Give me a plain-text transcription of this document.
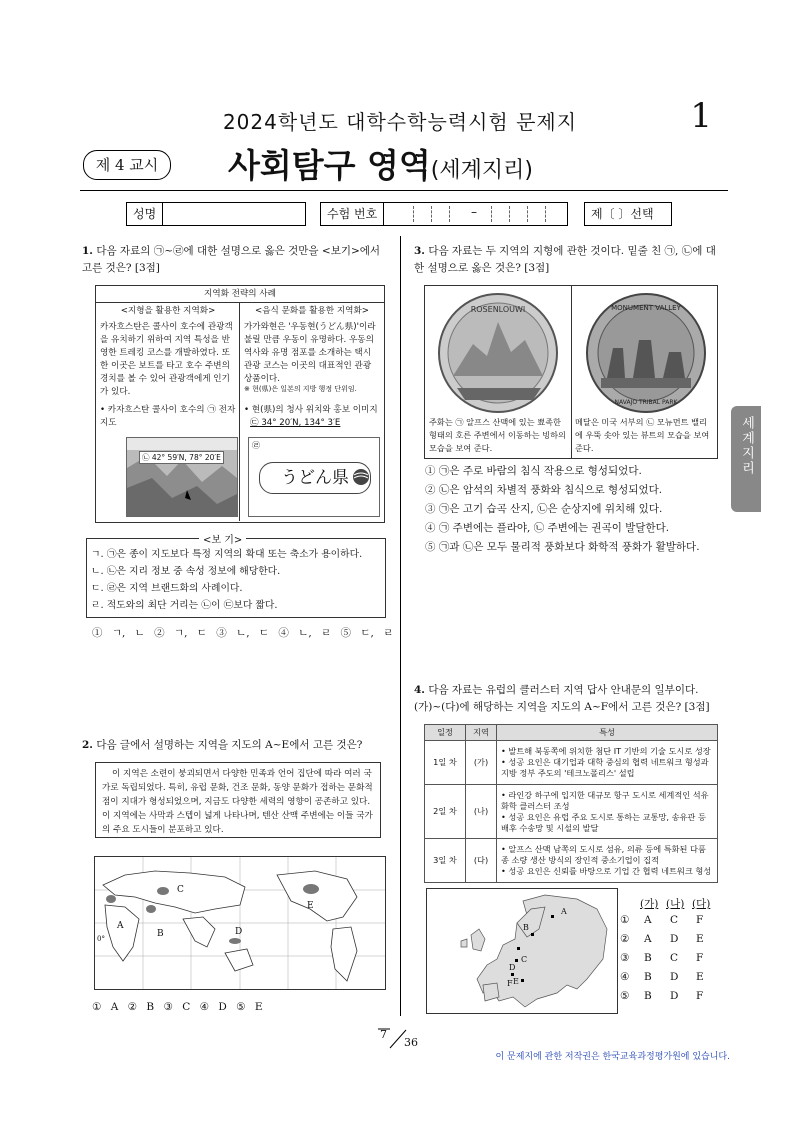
2024학년도 대학수학능력시험 문제지	1
제 4 교시	사회탐구 영역(세계지리)
성명	수험 번호	–	제〔 〕선택
세계지리
1. 다음 자료의 ㉠~㉣에 대한 설명으로 옳은 것만을 <보기>에서 고른 것은? [3점]
지역화 전략의 사례
<지형을 활용한 지역화>
카자흐스탄은 콜사이 호수에 관광객을 유치하기 위하여 지역 특성을 반영한 트레킹 코스를 개발하였다. 또한 이곳은 보트를 타고 호수 주변의 경치를 볼 수 있어 관광객에게 인기가 있다.
• 카자흐스탄 콜사이 호수의 ㉠ 전자 지도
㉡ 42° 59′N, 78° 20′E
<음식 문화를 활용한 지역화>
가가와현은 '우동현(うどん県)'이라 불릴 만큼 우동이 유명하다. 우동의 역사와 유명 점포를 소개하는 택시 관광 코스는 이곳의 대표적인 관광 상품이다.
※ 현(県)은 일본의 지방 행정 단위임.
• 현(県)의 청사 위치와 홍보 이미지
㉢ 34° 20′N, 134° 3′E
㉣
うどん県
<보 기>
ㄱ. ㉠은 종이 지도보다 특정 지역의 확대 또는 축소가 용이하다.
ㄴ. ㉡은 지리 정보 중 속성 정보에 해당한다.
ㄷ. ㉣은 지역 브랜드화의 사례이다.
ㄹ. 적도와의 최단 거리는 ㉡이 ㉢보다 짧다.
① ㄱ, ㄴ ② ㄱ, ㄷ ③ ㄴ, ㄷ ④ ㄴ, ㄹ ⑤ ㄷ, ㄹ
2. 다음 글에서 설명하는 지역을 지도의 A~E에서 고른 것은?
이 지역은 소련이 붕괴되면서 다양한 민족과 언어 집단에 따라 여러 국가로 독립되었다. 특히, 유럽 문화, 건조 문화, 동양 문화가 접하는 문화적 점이 지대가 형성되었으며, 지금도 다양한 세력의 영향이 공존하고 있다. 이 지역에는 사막과 스텝이 넓게 나타나며, 텐산 산맥 주변에는 이들 국가의 주요 도시들이 분포하고 있다.
A
B
C
D
E
0°
① A ② B ③ C ④ D ⑤ E
3. 다음 자료는 두 지역의 지형에 관한 것이다. 밑줄 친 ㉠, ㉡에 대한 설명으로 옳은 것은? [3점]
ROSENLOUWI	MONUMENT VALLEY
NAVAJO TRIBAL PARK
주화는 ㉠ 알프스 산맥에 있는 뾰족한 형태의 호른 주변에서 이동하는 빙하의 모습을 보여 준다.
메달은 미국 서부의 ㉡ 모뉴먼트 밸리에 우뚝 솟아 있는 뷰트의 모습을 보여 준다.
① ㉠은 주로 바람의 침식 작용으로 형성되었다.
② ㉡은 암석의 차별적 풍화와 침식으로 형성되었다.
③ ㉠은 고기 습곡 산지, ㉡은 순상지에 위치해 있다.
④ ㉠ 주변에는 플라야, ㉡ 주변에는 권곡이 발달한다.
⑤ ㉠과 ㉡은 모두 물리적 풍화보다 화학적 풍화가 활발하다.
4. 다음 자료는 유럽의 클러스터 지역 답사 안내문의 일부이다. (가)~(다)에 해당하는 지역을 지도의 A~F에서 고른 것은? [3점]
일정	지역	특성
1일 차	(가)	• 발트해 북동쪽에 위치한 첨단 IT 기반의 기술 도시로 성장
• 성공 요인은 대기업과 대학 중심의 협력 네트워크 형성과 지방 정부 주도의 '테크노폴리스' 설립

2일 차	(나)	• 라인강 하구에 입지한 대규모 항구 도시로 세계적인 석유 화학 클러스터 조성
• 성공 요인은 유럽 주요 도시로 통하는 교통망, 송유관 등 배후 수송망 및 시설의 발달

3일 차	(다)	• 알프스 산맥 남쪽의 도시로 섬유, 의류 등에 특화된 다품종 소량 생산 방식의 장인적 중소기업이 집적
• 성공 요인은 신뢰를 바탕으로 기업 간 협력 네트워크 형성
A
B
C
D
E
F
(가) (나) (다)
① A C F
② A D E
③ B C F
④ B D E
⑤ B D F
7
36
이 문제지에 관한 저작권은 한국교육과정평가원에 있습니다.
